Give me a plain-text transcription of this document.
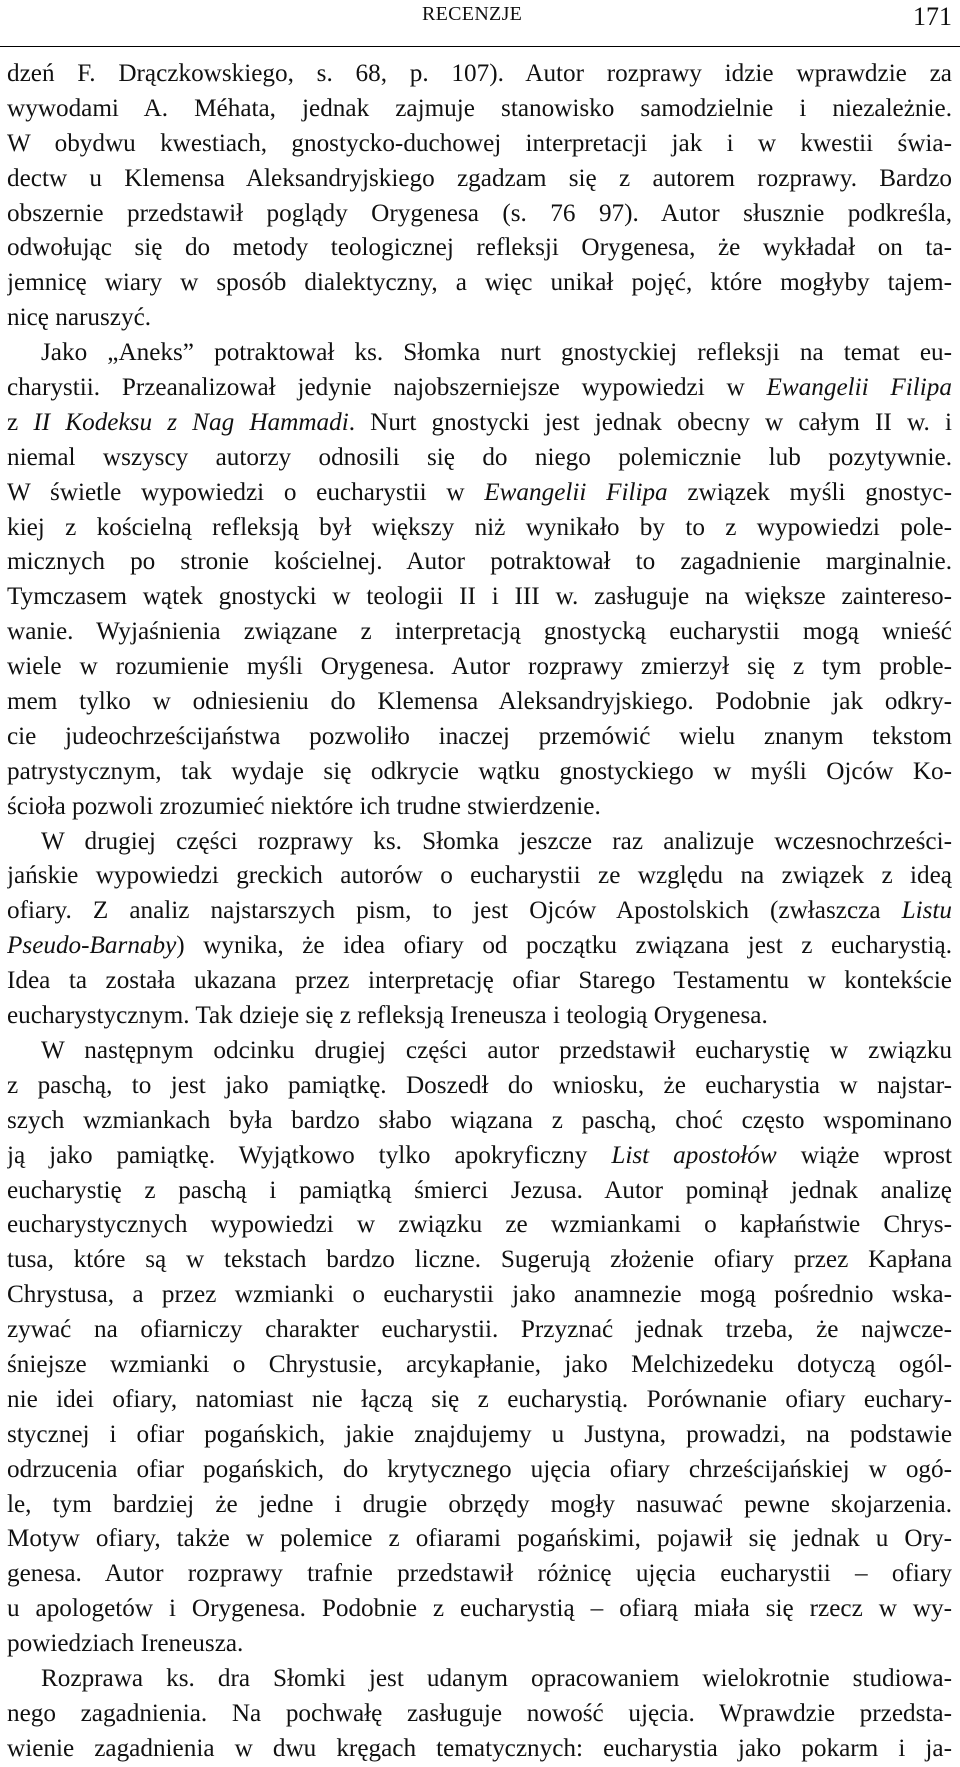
RECENZJE	171
dzeń F. Drączkowskiego, s. 68, p. 107). Autor rozprawy idzie wprawdzie za
wywodami A. Méhata, jednak zajmuje stanowisko samodzielnie i niezależnie.
W obydwu kwestiach, gnostycko-duchowej interpretacji jak i w kwestii świa-
dectw u Klemensa Aleksandryjskiego zgadzam się z autorem rozprawy. Bardzo
obszernie przedstawił poglądy Orygenesa (s. 76 97). Autor słusznie podkreśla,
odwołując się do metody teologicznej refleksji Orygenesa, że wykładał on ta-
jemnicę wiary w sposób dialektyczny, a więc unikał pojęć, które mogłyby tajem-
nicę naruszyć.
Jako „Aneks” potraktował ks. Słomka nurt gnostyckiej refleksji na temat eu-
charystii. Przeanalizował jedynie najobszerniejsze wypowiedzi w Ewangelii Filipa
z II Kodeksu z Nag Hammadi. Nurt gnostycki jest jednak obecny w całym II w. i
niemal wszyscy autorzy odnosili się do niego polemicznie lub pozytywnie.
W świetle wypowiedzi o eucharystii w Ewangelii Filipa związek myśli gnostyc-
kiej z kościelną refleksją był większy niż wynikało by to z wypowiedzi pole-
micznych po stronie kościelnej. Autor potraktował to zagadnienie marginalnie.
Tymczasem wątek gnostycki w teologii II i III w. zasługuje na większe zaintereso-
wanie. Wyjaśnienia związane z interpretacją gnostycką eucharystii mogą wnieść
wiele w rozumienie myśli Orygenesa. Autor rozprawy zmierzył się z tym proble-
mem tylko w odniesieniu do Klemensa Aleksandryjskiego. Podobnie jak odkry-
cie judeochrześcijaństwa pozwoliło inaczej przemówić wielu znanym tekstom
patrystycznym, tak wydaje się odkrycie wątku gnostyckiego w myśli Ojców Ko-
ścioła pozwoli zrozumieć niektóre ich trudne stwierdzenie.
W drugiej części rozprawy ks. Słomka jeszcze raz analizuje wczesnochrześci-
jańskie wypowiedzi greckich autorów o eucharystii ze względu na związek z ideą
ofiary. Z analiz najstarszych pism, to jest Ojców Apostolskich (zwłaszcza Listu
Pseudo-Barnaby) wynika, że idea ofiary od początku związana jest z eucharystią.
Idea ta została ukazana przez interpretację ofiar Starego Testamentu w kontekście
eucharystycznym. Tak dzieje się z refleksją Ireneusza i teologią Orygenesa.
W następnym odcinku drugiej części autor przedstawił eucharystię w związku
z paschą, to jest jako pamiątkę. Doszedł do wniosku, że eucharystia w najstar-
szych wzmiankach była bardzo słabo wiązana z paschą, choć często wspominano
ją jako pamiątkę. Wyjątkowo tylko apokryficzny List apostołów wiąże wprost
eucharystię z paschą i pamiątką śmierci Jezusa. Autor pominął jednak analizę
eucharystycznych wypowiedzi w związku ze wzmiankami o kapłaństwie Chrys-
tusa, które są w tekstach bardzo liczne. Sugerują złożenie ofiary przez Kapłana
Chrystusa, a przez wzmianki o eucharystii jako anamnezie mogą pośrednio wska-
zywać na ofiarniczy charakter eucharystii. Przyznać jednak trzeba, że najwcze-
śniejsze wzmianki o Chrystusie, arcykapłanie, jako Melchizedeku dotyczą ogól-
nie idei ofiary, natomiast nie łączą się z eucharystią. Porównanie ofiary euchary-
stycznej i ofiar pogańskich, jakie znajdujemy u Justyna, prowadzi, na podstawie
odrzucenia ofiar pogańskich, do krytycznego ujęcia ofiary chrześcijańskiej w ogó-
le, tym bardziej że jedne i drugie obrzędy mogły nasuwać pewne skojarzenia.
Motyw ofiary, także w polemice z ofiarami pogańskimi, pojawił się jednak u Ory-
genesa. Autor rozprawy trafnie przedstawił różnicę ujęcia eucharystii – ofiary
u apologetów i Orygenesa. Podobnie z eucharystią – ofiarą miała się rzecz w wy-
powiedziach Ireneusza.
Rozprawa ks. dra Słomki jest udanym opracowaniem wielokrotnie studiowa-
nego zagadnienia. Na pochwałę zasługuje nowość ujęcia. Wprawdzie przedsta-
wienie zagadnienia w dwu kręgach tematycznych: eucharystia jako pokarm i ja-
